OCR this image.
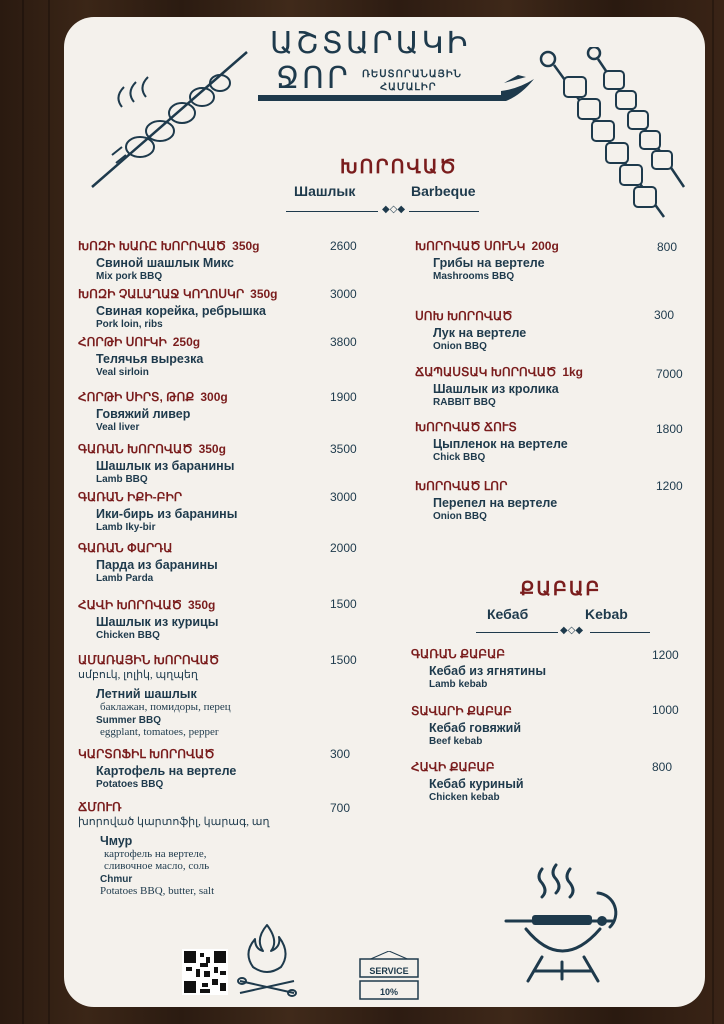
ԱՇՏԱՐԱԿԻ
ՋՈՐ ՌԵՍՏՈՐԱՆԱՅԻՆ
ՀԱՄԱԼԻՐ
ԽՈՐՈՎԱԾ
Шашлык	Barbeque
◆◇◆
ԽՈԶԻ ԽԱՌԸ ԽՈՐՈՎԱԾ 350g
Свиной шашлык Микс
Mix pork BBQ
2600
ԽՈԶԻ ՉԱԼԱՂԱՋ ԿՈՂՈՍԿՐ 350g
Свиная корейка, ребрышка
Pork loin, ribs
3000
ՀՈՐԹԻ ՍՈՒԿԻ 250g
Телячья вырезка
Veal sirloin
3800
ՀՈՐԹԻ ՍԻՐՏ, ԹՈՔ 300g
Говяжий ливер
Veal liver
1900
ԳԱՌԱՆ ԽՈՐՈՎԱԾ 350g
Шашлык из баранины
Lamb BBQ
3500
ԳԱՌԱՆ ԻՔԻ-ԲԻՐ
Ики-бирь из баранины
Lamb Iky-bir
3000
ԳԱՌԱՆ ՓԱՐԴԱ
Парда из баранины
Lamb Parda
2000
ՀԱՎԻ ԽՈՐՈՎԱԾ 350g
Шашлык из курицы
Chicken BBQ
1500
ԱՄԱՌԱՅԻՆ ԽՈՐՈՎԱԾ
սմբուկ, լոլիկ, պղպեղ
Летний шашлык
баклажан, помидоры, перец
Summer BBQ
eggplant, tomatoes, pepper
1500
ԿԱՐՏՈՖԻԼ ԽՈՐՈՎԱԾ
Картофель на вертеле
Potatoes BBQ
300
ՃՄՈՒՌ
խորոված կարտոֆիլ, կարագ, աղ
Чмур
картофель на вертеле,
сливочное масло, соль
Chmur
Potatoes BBQ, butter, salt
700
ԽՈՐՈՎԱԾ ՍՈՒՆԿ 200g
Грибы на вертеле
Mashrooms BBQ
800
ՍՈԽ ԽՈՐՈՎԱԾ
Лук на вертеле
Onion BBQ
300
ՃԱՊԱՍՏԱԿ ԽՈՐՈՎԱԾ 1kg
Шашлык из кролика
RABBIT BBQ
7000
ԽՈՐՈՎԱԾ ՃՈՒՏ
Цыпленок на вертеле
Chick BBQ
1800
ԽՈՐՈՎԱԾ ԼՈՐ
Перепел на вертеле
Onion BBQ
1200
ՔԱԲԱԲ
Кебаб	Kebab
◆◇◆
ԳԱՌԱՆ ՔԱԲԱԲ
Кебаб из ягнятины
Lamb kebab
1200
ՏԱՎԱՐԻ ՔԱԲԱԲ
Кебаб говяжий
Beef kebab
1000
ՀԱՎԻ ՔԱԲԱԲ
Кебаб куриный
Chicken kebab
800
SERVICE
10%
